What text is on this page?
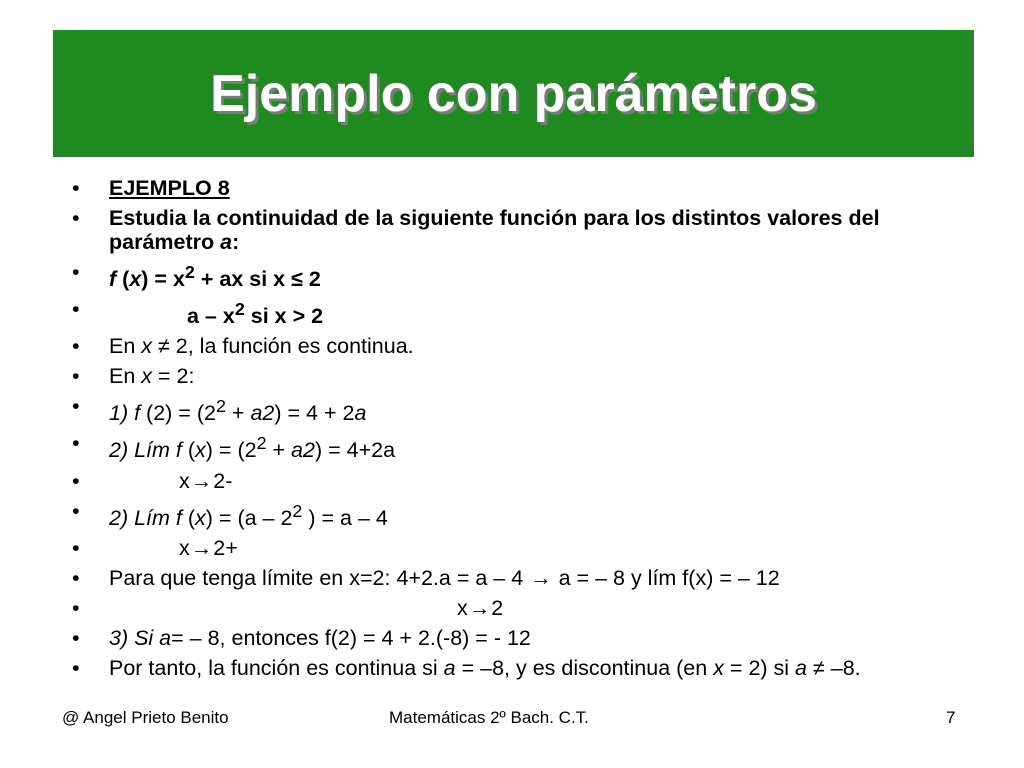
Ejemplo con parámetros
• EJEMPLO 8
• Estudia la continuidad de la siguiente función para los distintos valores del parámetro a:
• f $(x) = x^2$ + ax si x ≤ 2
• a – $x^2$ si x > 2
• En x ≠ 2, la función es continua.
• En x = 2:
• 1) f $(2) = (2^2 + a2) = 4 + 2a$
• 2) Lím f $(x) = (2^2 + a2) = 4+2a$
• x→2-
• 2) Lím f $(x) = (a - 2^2$ ) = a – 4
• x→2+
• Para que tenga límite en x=2: 4+2.a = a – 4 → a = – 8 y lím f(x) = – 12
• x→2
• 3) Si a= – 8, entonces f(2) = 4 + 2.(-8) = - 12
• Por tanto, la función es continua si a = –8, y es discontinua (en x = 2) si a ≠ –8.
@ Angel Prieto Benito	Matemáticas 2º Bach. C.T.	7
